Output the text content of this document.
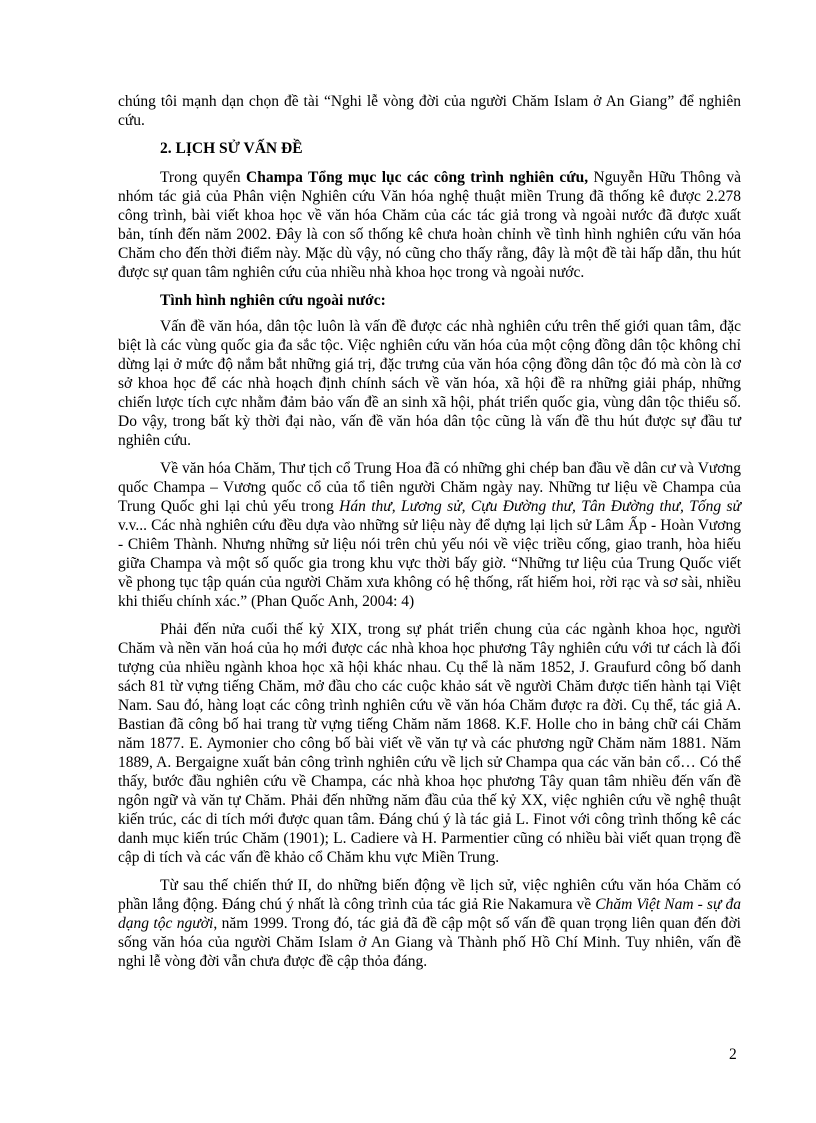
chúng tôi mạnh dạn chọn đề tài “Nghi lễ vòng đời của người Chăm Islam ở An Giang” để nghiên cứu.

2. LỊCH SỬ VẤN ĐỀ

Trong quyển Champa Tổng mục lục các công trình nghiên cứu, Nguyễn Hữu Thông và nhóm tác giả của Phân viện Nghiên cứu Văn hóa nghệ thuật miền Trung đã thống kê được 2.278 công trình, bài viết khoa học về văn hóa Chăm của các tác giả trong và ngoài nước đã được xuất bản, tính đến năm 2002. Đây là con số thống kê chưa hoàn chỉnh về tình hình nghiên cứu văn hóa Chăm cho đến thời điểm này. Mặc dù vậy, nó cũng cho thấy rằng, đây là một đề tài hấp dẫn, thu hút được sự quan tâm nghiên cứu của nhiều nhà khoa học trong và ngoài nước.

Tình hình nghiên cứu ngoài nước:

Vấn đề văn hóa, dân tộc luôn là vấn đề được các nhà nghiên cứu trên thế giới quan tâm, đặc biệt là các vùng quốc gia đa sắc tộc. Việc nghiên cứu văn hóa của một cộng đồng dân tộc không chỉ dừng lại ở mức độ nắm bắt những giá trị, đặc trưng của văn hóa cộng đồng dân tộc đó mà còn là cơ sở khoa học để các nhà hoạch định chính sách về văn hóa, xã hội đề ra những giải pháp, những chiến lược tích cực nhằm đảm bảo vấn đề an sinh xã hội, phát triển quốc gia, vùng dân tộc thiểu số. Do vậy, trong bất kỳ thời đại nào, vấn đề văn hóa dân tộc cũng là vấn đề thu hút được sự đầu tư nghiên cứu.

Về văn hóa Chăm, Thư tịch cổ Trung Hoa đã có những ghi chép ban đầu về dân cư và Vương quốc Champa – Vương quốc cổ của tổ tiên người Chăm ngày nay. Những tư liệu về Champa của Trung Quốc ghi lại chủ yếu trong Hán thư, Lương sử, Cựu Đường thư, Tân Đường thư, Tống sử v.v... Các nhà nghiên cứu đều dựa vào những sử liệu này để dựng lại lịch sử Lâm Ấp - Hoàn Vương - Chiêm Thành. Nhưng những sử liệu nói trên chủ yếu nói về việc triều cống, giao tranh, hòa hiếu giữa Champa và một số quốc gia trong khu vực thời bấy giờ. “Những tư liệu của Trung Quốc viết về phong tục tập quán của người Chăm xưa không có hệ thống, rất hiếm hoi, rời rạc và sơ sài, nhiều khi thiếu chính xác.” (Phan Quốc Anh, 2004: 4)

Phải đến nửa cuối thế kỷ XIX, trong sự phát triển chung của các ngành khoa học, người Chăm và nền văn hoá của họ mới được các nhà khoa học phương Tây nghiên cứu với tư cách là đối tượng của nhiều ngành khoa học xã hội khác nhau. Cụ thể là năm 1852, J. Graufurd công bố danh sách 81 từ vựng tiếng Chăm, mở đầu cho các cuộc khảo sát về người Chăm được tiến hành tại Việt Nam. Sau đó, hàng loạt các công trình nghiên cứu về văn hóa Chăm được ra đời. Cụ thể, tác giả A. Bastian đã công bố hai trang từ vựng tiếng Chăm năm 1868. K.F. Holle cho in bảng chữ cái Chăm năm 1877. E. Aymonier cho công bố bài viết về văn tự và các phương ngữ Chăm năm 1881. Năm 1889, A. Bergaigne xuất bản công trình nghiên cứu về lịch sử Champa qua các văn bản cổ… Có thể thấy, bước đầu nghiên cứu về Champa, các nhà khoa học phương Tây quan tâm nhiều đến vấn đề ngôn ngữ và văn tự Chăm. Phải đến những năm đầu của thế kỷ XX, việc nghiên cứu về nghệ thuật kiến trúc, các di tích mới được quan tâm. Đáng chú ý là tác giả L. Finot với công trình thống kê các danh mục kiến trúc Chăm (1901); L. Cadiere và H. Parmentier cũng có nhiều bài viết quan trọng đề cập di tích và các vấn đề khảo cổ Chăm khu vực Miền Trung.

Từ sau thế chiến thứ II, do những biến động về lịch sử, việc nghiên cứu văn hóa Chăm có phần lắng động. Đáng chú ý nhất là công trình của tác giả Rie Nakamura về Chăm Việt Nam - sự đa dạng tộc người, năm 1999. Trong đó, tác giả đã đề cập một số vấn đề quan trọng liên quan đến đời sống văn hóa của người Chăm Islam ở An Giang và Thành phố Hồ Chí Minh. Tuy nhiên, vấn đề nghi lễ vòng đời vẫn chưa được đề cập thỏa đáng.

2
